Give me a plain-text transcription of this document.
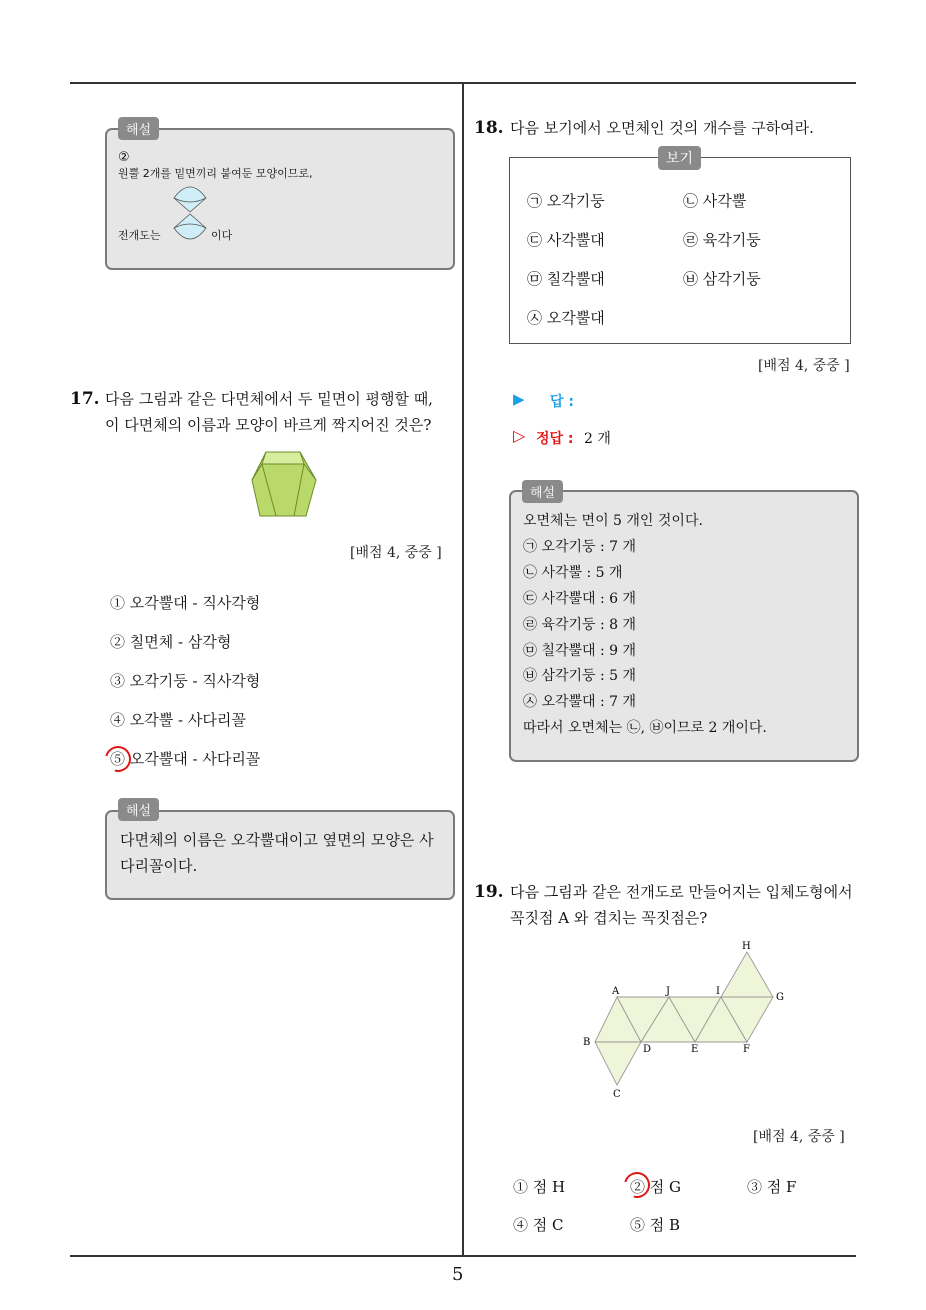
5
해설
②
원뿔 2개를 밑면끼리 붙여둔 모양이므로,
전개도는	이다
17. 다음 그림과 같은 다면체에서 두 밑면이 평행할 때,
이 다면체의 이름과 모양이 바르게 짝지어진 것은?
[배점 4, 중중 ]
① 오각뿔대 - 직사각형
② 칠면체 - 삼각형
③ 오각기둥 - 직사각형
④ 오각뿔 - 사다리꼴
⑤ 오각뿔대 - 사다리꼴
해설
다면체의 이름은 오각뿔대이고 옆면의 모양은 사
다리꼴이다.
18. 다음 보기에서 오면체인 것의 개수를 구하여라.
보기
㉠ 오각기둥	㉡ 사각뿔
㉢ 사각뿔대	㉣ 육각기둥
㉤ 칠각뿔대	㉥ 삼각기둥
㉦ 오각뿔대
[배점 4, 중중 ]
▶ 답 :
▷ 정답 : 2 개
해설
오면체는 면이 5 개인 것이다.
㉠ 오각기둥 : 7 개
㉡ 사각뿔 : 5 개
㉢ 사각뿔대 : 6 개
㉣ 육각기둥 : 8 개
㉤ 칠각뿔대 : 9 개
㉥ 삼각기둥 : 5 개
㉦ 오각뿔대 : 7 개
따라서 오면체는 ㉡, ㉥이므로 2 개이다.
19. 다음 그림과 같은 전개도로 만들어지는 입체도형에서
꼭짓점 A 와 겹치는 꼭짓점은?
H
A	J	I
G
B
D	E	F
C
[배점 4, 중중 ]
① 점 H	② 점 G	③ 점 F
④ 점 C	⑤ 점 B
